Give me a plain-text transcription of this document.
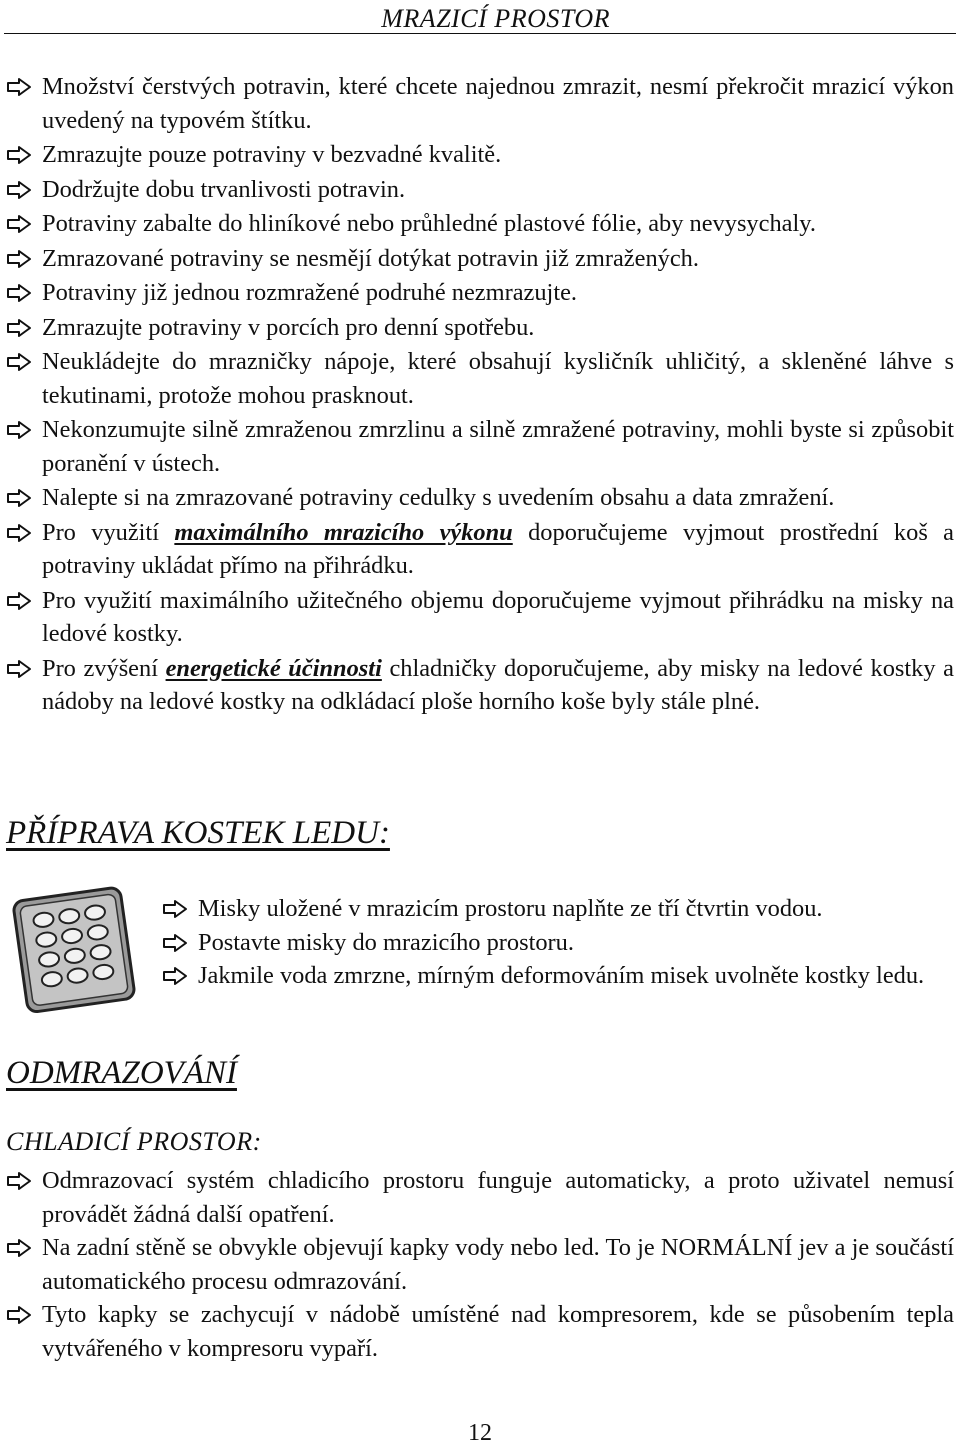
MRAZICÍ PROSTOR
Množství čerstvých potravin, které chcete najednou zmrazit, nesmí překročit mrazicí výkon uvedený na typovém štítku.
Zmrazujte pouze potraviny v bezvadné kvalitě.
Dodržujte dobu trvanlivosti potravin.
Potraviny zabalte do hliníkové nebo průhledné plastové fólie, aby nevysychaly.
Zmrazované potraviny se nesmějí dotýkat potravin již zmražených.
Potraviny již jednou rozmražené podruhé nezmrazujte.
Zmrazujte potraviny v porcích pro denní spotřebu.
Neukládejte do mrazničky nápoje, které obsahují kysličník uhličitý, a skleněné láhve s tekutinami, protože mohou prasknout.
Nekonzumujte silně zmraženou zmrzlinu a silně zmražené potraviny, mohli byste si způsobit poranění v ústech.
Nalepte si na zmrazované potraviny cedulky s uvedením obsahu a data zmražení.
Pro využití maximálního mrazicího výkonu doporučujeme vyjmout prostřední koš a potraviny ukládat přímo na přihrádku.
Pro využití maximálního užitečného objemu doporučujeme vyjmout přihrádku na misky na ledové kostky.
Pro zvýšení energetické účinnosti chladničky doporučujeme, aby misky na ledové kostky a nádoby na ledové kostky na odkládací ploše horního koše byly stále plné.
PŘÍPRAVA KOSTEK LEDU:
Misky uložené v mrazicím prostoru naplňte ze tří čtvrtin vodou.
Postavte misky do mrazicího prostoru.
Jakmile voda zmrzne, mírným deformováním misek uvolněte kostky ledu.
ODMRAZOVÁNÍ
CHLADICÍ PROSTOR:
Odmrazovací systém chladicího prostoru funguje automaticky, a proto uživatel nemusí provádět žádná další opatření.
Na zadní stěně se obvykle objevují kapky vody nebo led. To je NORMÁLNÍ jev a je součástí automatického procesu odmrazování.
Tyto kapky se zachycují v nádobě umístěné nad kompresorem, kde se působením tepla vytvářeného v kompresoru vypaří.
12
